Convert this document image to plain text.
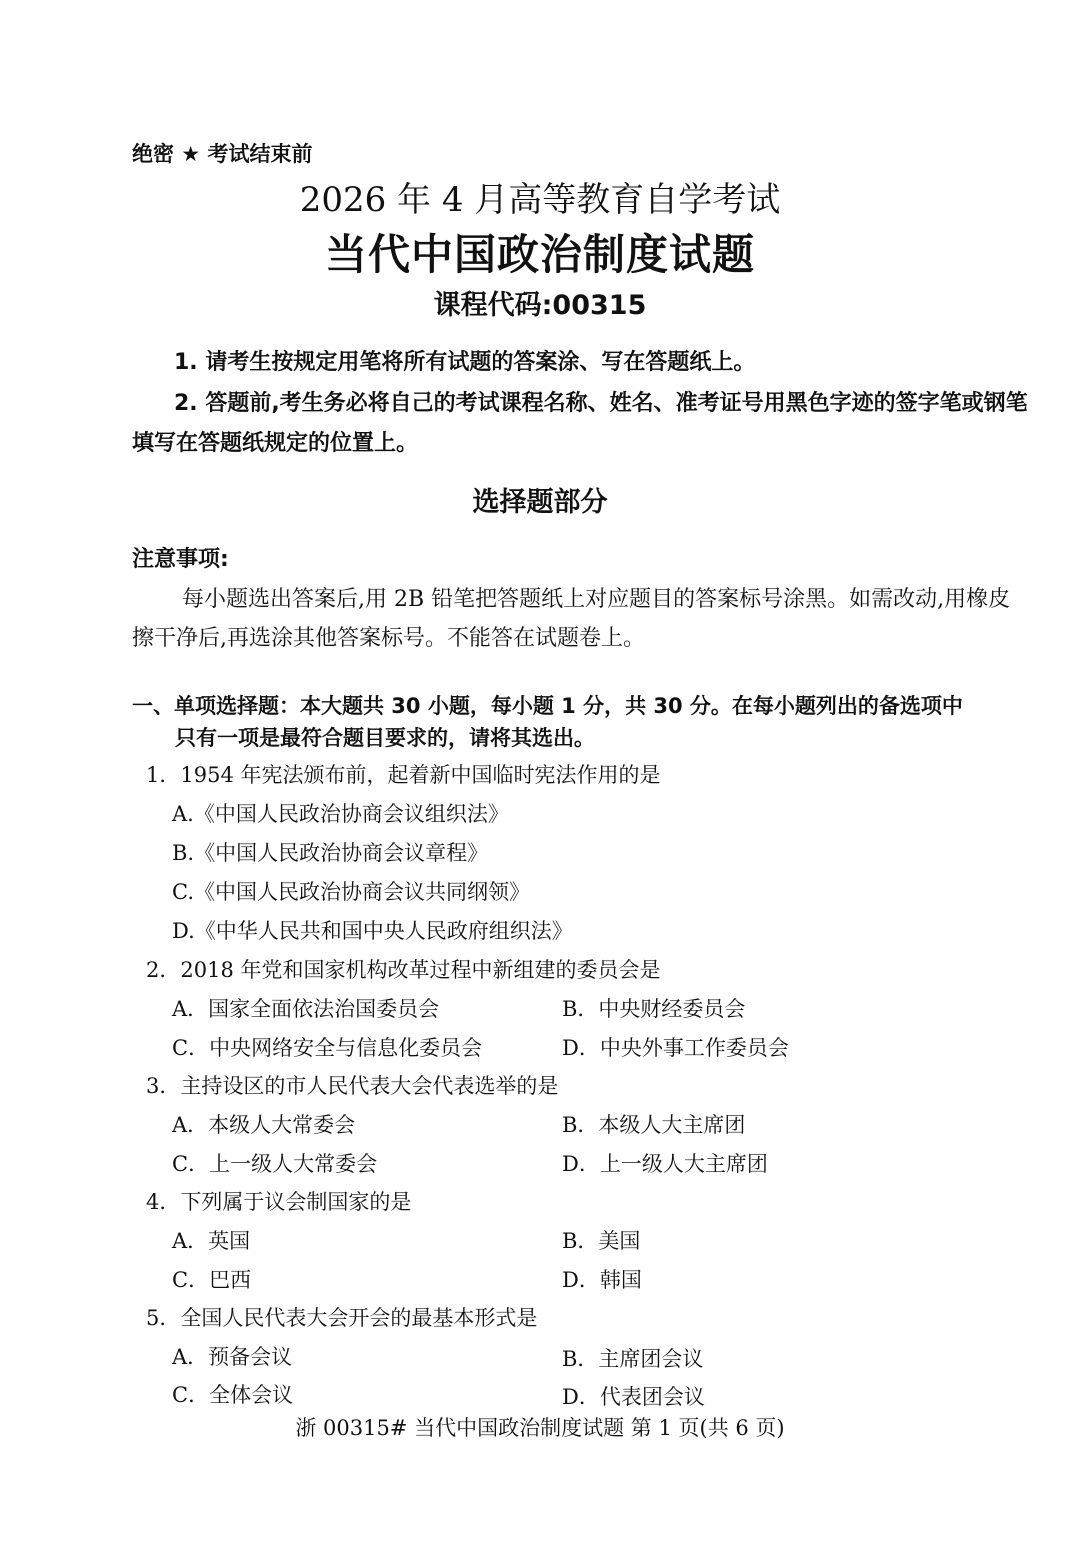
绝密 ★ 考试结束前
2026 年 4 月高等教育自学考试
当代中国政治制度试题
课程代码:00315
1. 请考生按规定用笔将所有试题的答案涂、写在答题纸上。
2. 答题前,考生务必将自己的考试课程名称、姓名、准考证号用黑色字迹的签字笔或钢笔
填写在答题纸规定的位置上。
选择题部分
注意事项:
每小题选出答案后,用 2B 铅笔把答题纸上对应题目的答案标号涂黑。如需改动,用橡皮
擦干净后,再选涂其他答案标号。不能答在试题卷上。
一、单项选择题：本大题共 30 小题，每小题 1 分，共 30 分。在每小题列出的备选项中
只有一项是最符合题目要求的，请将其选出。
1．1954 年宪法颁布前，起着新中国临时宪法作用的是
A.《中国人民政治协商会议组织法》
B.《中国人民政治协商会议章程》
C.《中国人民政治协商会议共同纲领》
D.《中华人民共和国中央人民政府组织法》
2．2018 年党和国家机构改革过程中新组建的委员会是
A．国家全面依法治国委员会	B．中央财经委员会
C．中央网络安全与信息化委员会	D．中央外事工作委员会
3．主持设区的市人民代表大会代表选举的是
A．本级人大常委会	B．本级人大主席团
C．上一级人大常委会	D．上一级人大主席团
4．下列属于议会制国家的是
A．英国	B．美国
C．巴西	D．韩国
5．全国人民代表大会开会的最基本形式是
A．预备会议	B．主席团会议
C．全体会议	D．代表团会议
浙 00315# 当代中国政治制度试题 第 1 页(共 6 页)
